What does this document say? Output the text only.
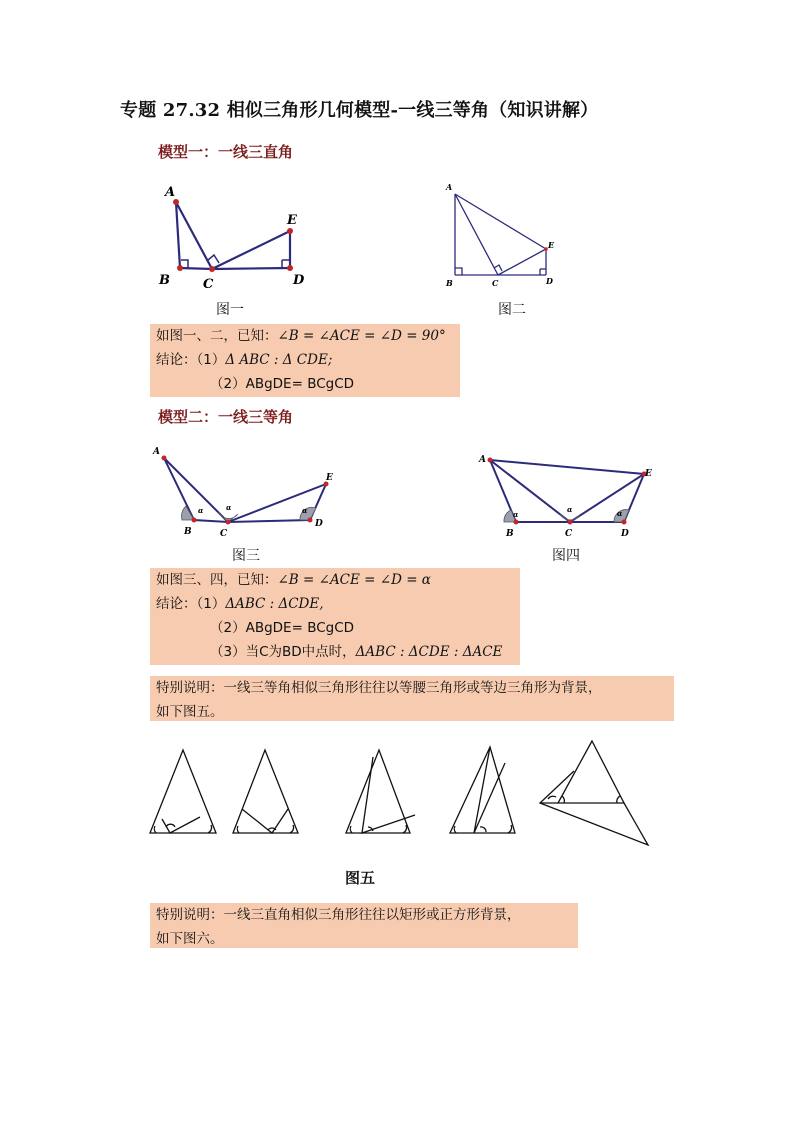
专题 27.32 相似三角形几何模型-一线三等角（知识讲解）
模型一：一线三直角
A
B	C	D
E
图一
A
B	C	D
E
图二
如图一、二，已知：∠B = ∠ACE = ∠D = 90°
结论：（1）Δ ABC : Δ CDE;
（2）ABgDE= BCgCD
模型二：一线三等角
A
B	C
D
E
α	α	α
图三
A
B	C	D
E
α
α	α
图四
如图三、四，已知：∠B = ∠ACE = ∠D = α
结论：（1）ΔABC : ΔCDE,
（2）ABgDE= BCgCD
（3）当C为BD中点时，ΔABC : ΔCDE : ΔACE
特别说明：一线三等角相似三角形往往以等腰三角形或等边三角形为背景，
如下图五。
图五
特别说明：一线三直角相似三角形往往以矩形或正方形背景，
如下图六。
